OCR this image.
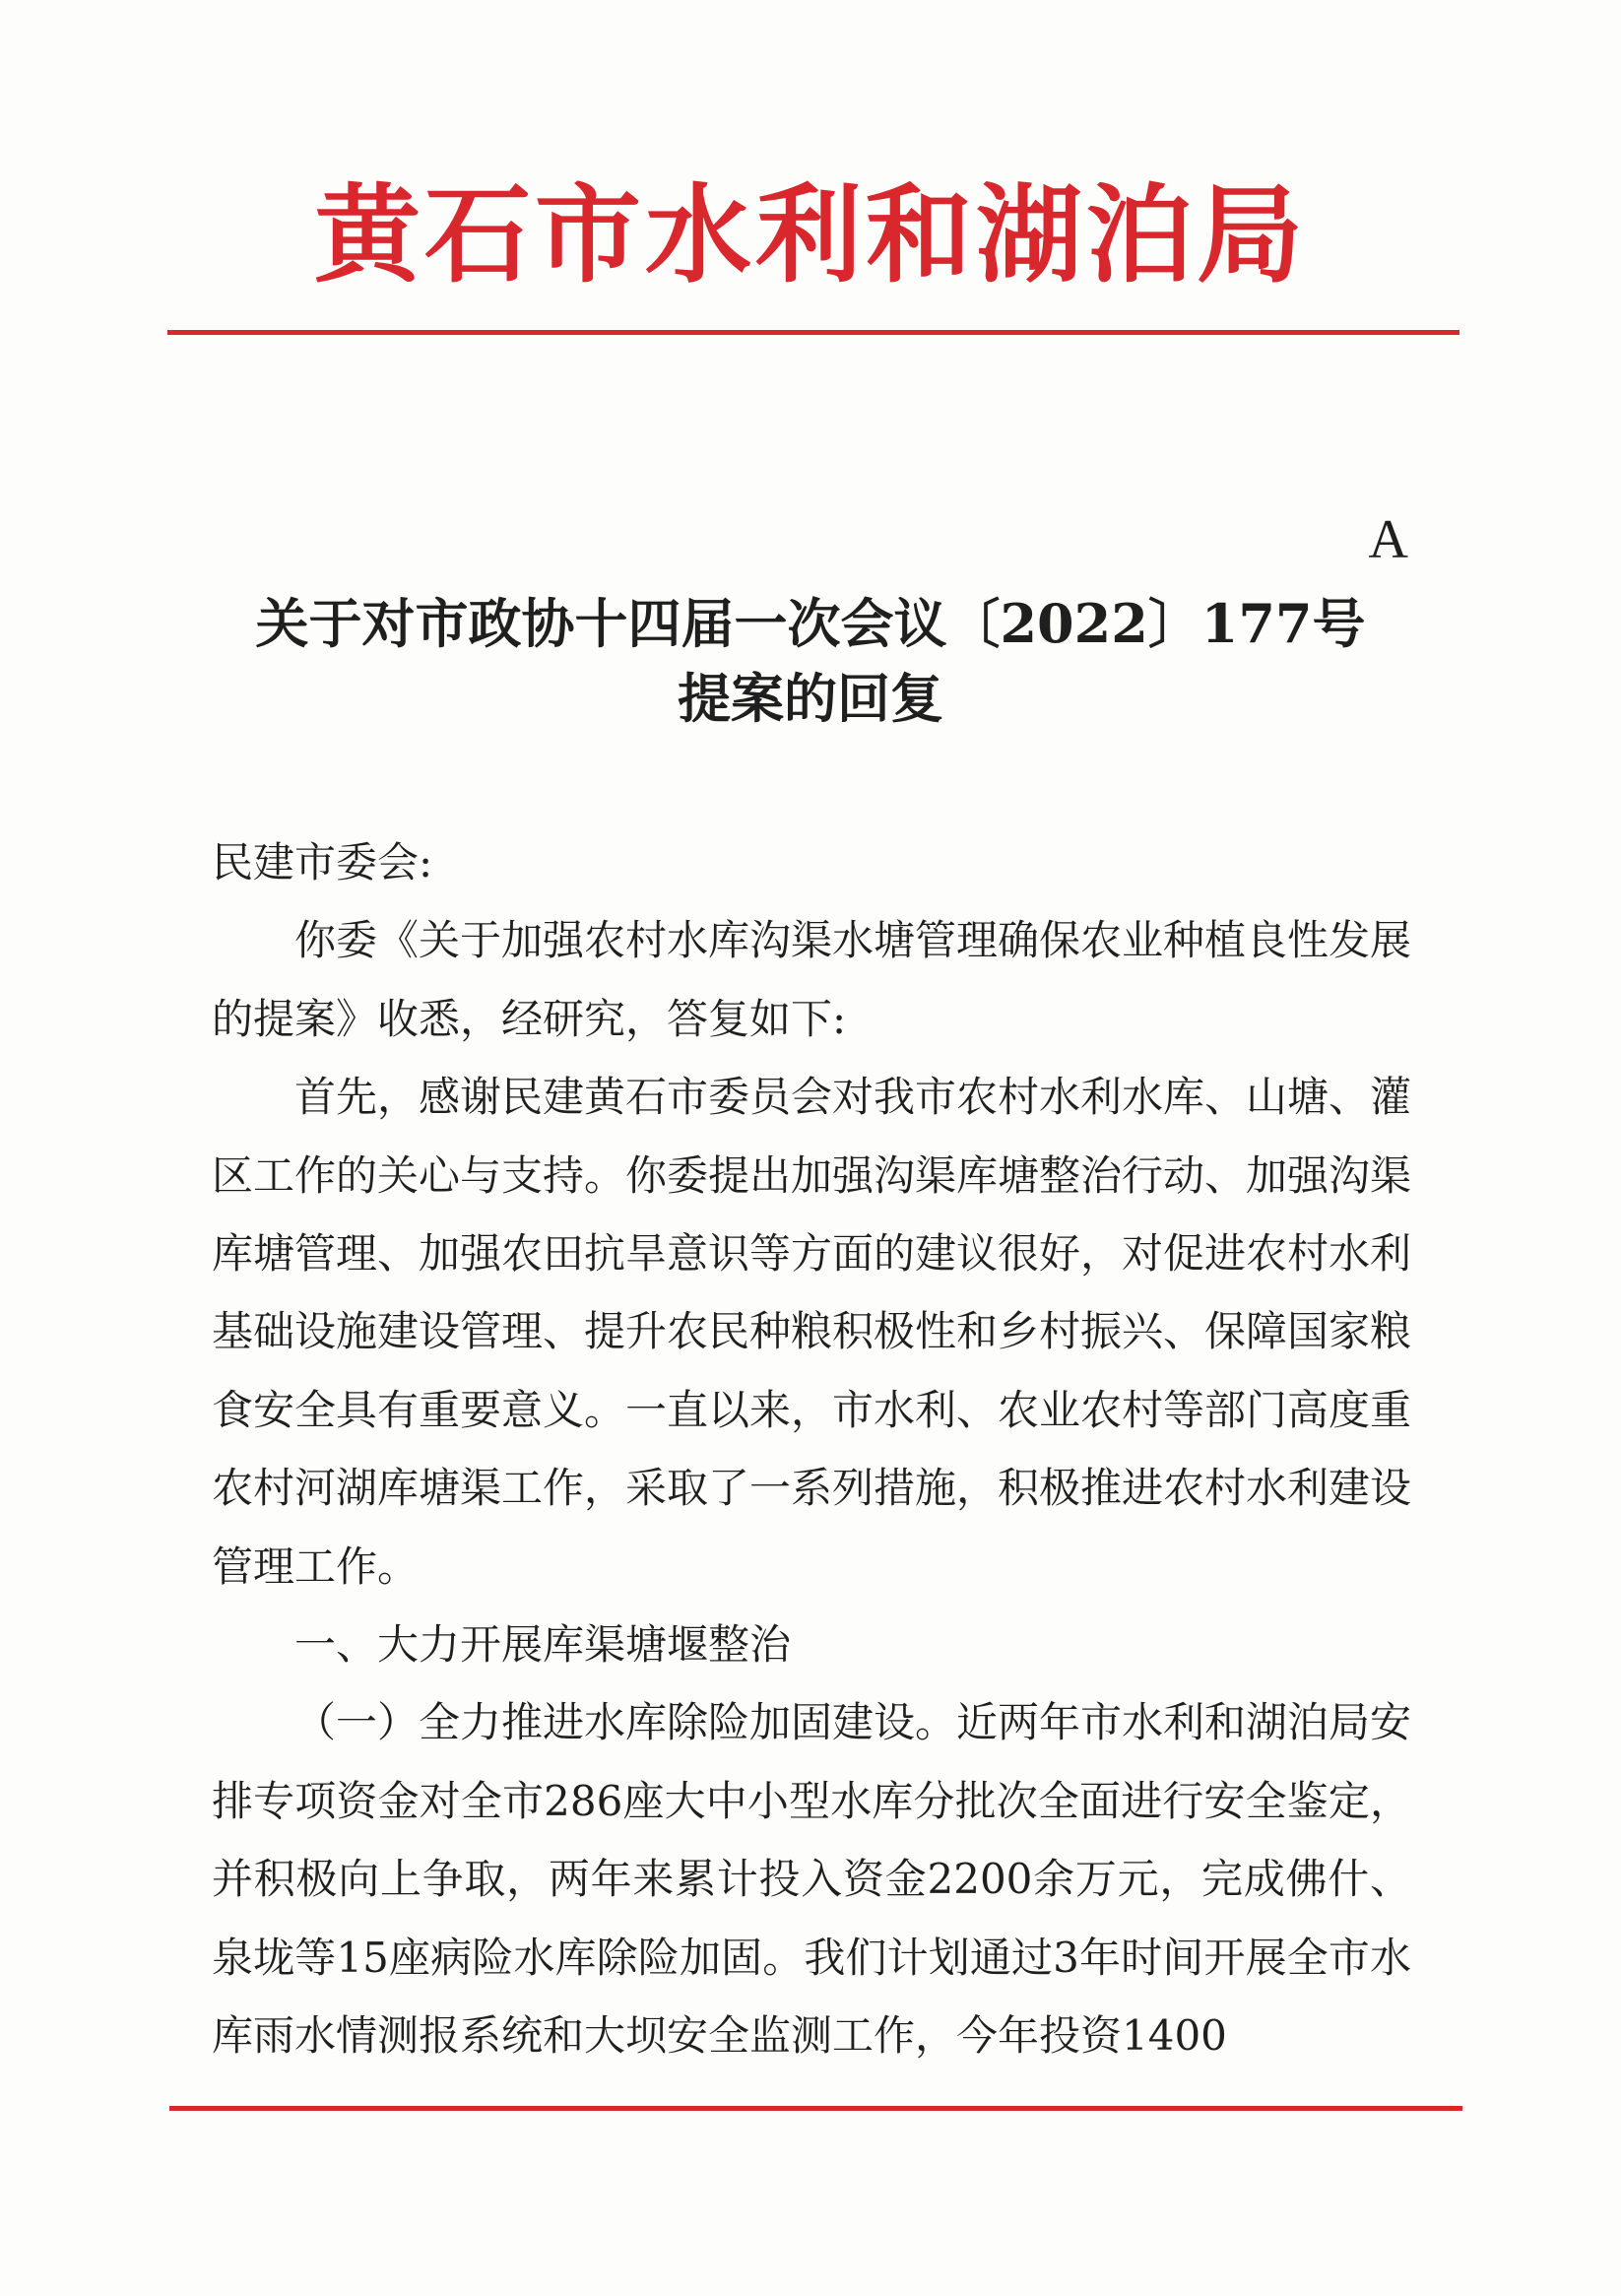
黄石市水利和湖泊局
A
关于对市政协十四届一次会议〔2022〕177号
提案的回复

民建市委会:

你委《关于加强农村水库沟渠水塘管理确保农业种植良性发展的提案》收悉，经研究，答复如下:

首先，感谢民建黄石市委员会对我市农村水利水库、山塘、灌区工作的关心与支持。你委提出加强沟渠库塘整治行动、加强沟渠库塘管理、加强农田抗旱意识等方面的建议很好，对促进农村水利基础设施建设管理、提升农民种粮积极性和乡村振兴、保障国家粮食安全具有重要意义。一直以来，市水利、农业农村等部门高度重农村河湖库塘渠工作，采取了一系列措施，积极推进农村水利建设管理工作。

一、大力开展库渠塘堰整治

（一）全力推进水库除险加固建设。近两年市水利和湖泊局安排专项资金对全市286座大中小型水库分批次全面进行安全鉴定，并积极向上争取，两年来累计投入资金2200余万元，完成佛什、泉垅等15座病险水库除险加固。我们计划通过3年时间开展全市水库雨水情测报系统和大坝安全监测工作，今年投资1400
